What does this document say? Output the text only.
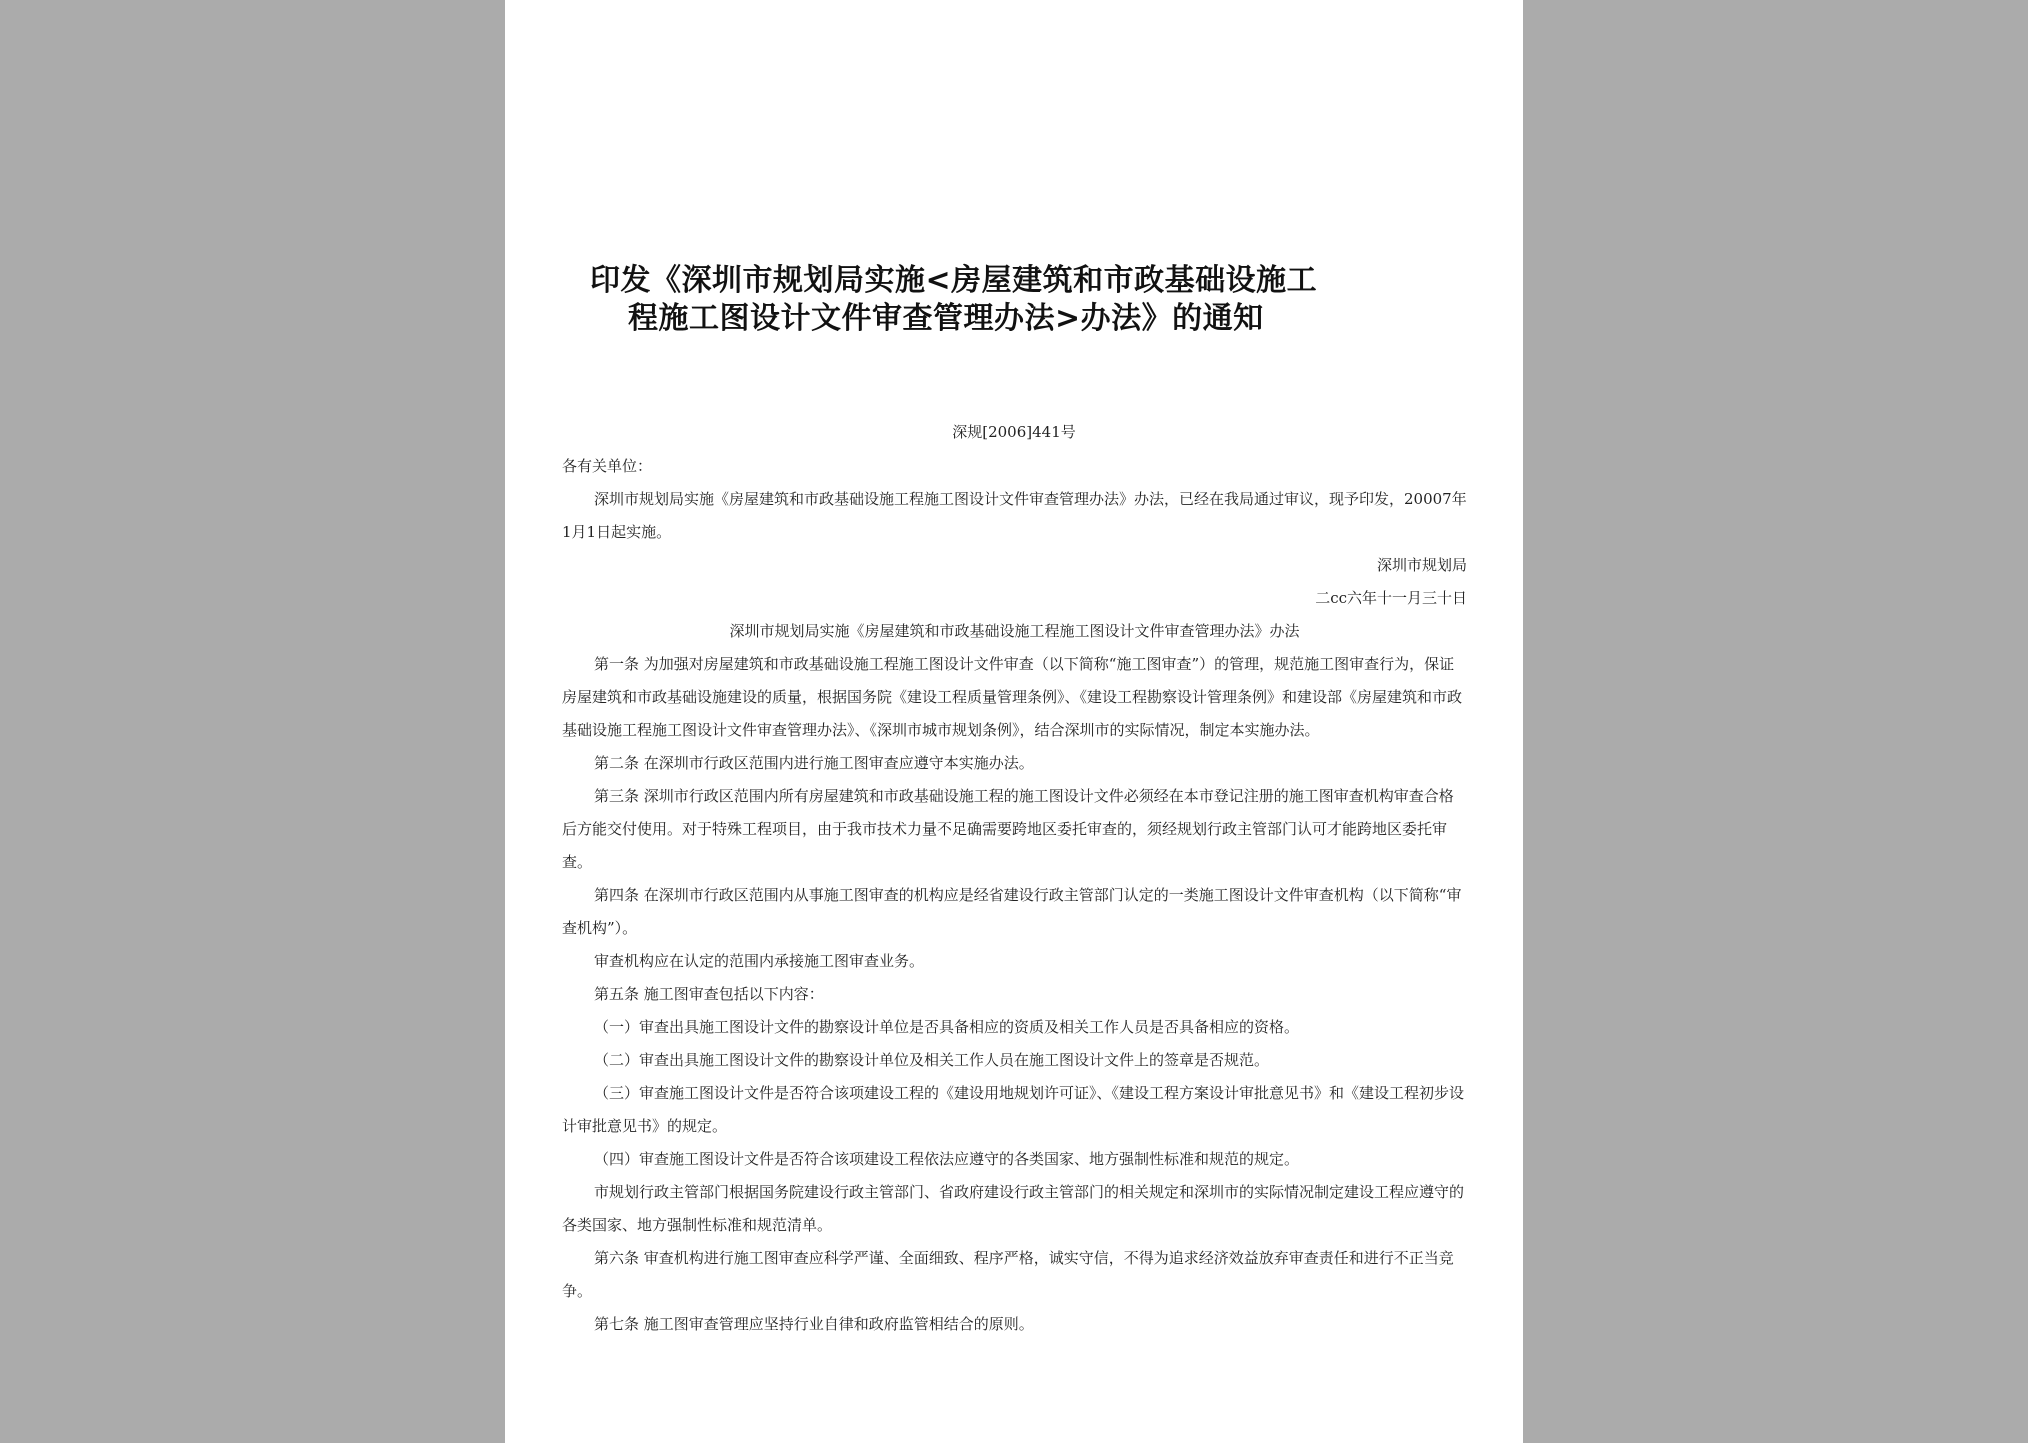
印发《深圳市规划局实施<房屋建筑和市政基础设施工
程施工图设计文件审查管理办法>办法》的通知
深规[2006]441号

各有关单位：

深圳市规划局实施《房屋建筑和市政基础设施工程施工图设计文件审查管理办法》办法，已经在我局通过审议，现予印发，20007年1月1日起实施。

深圳市规划局

二cc六年十一月三十日

深圳市规划局实施《房屋建筑和市政基础设施工程施工图设计文件审查管理办法》办法

第一条 为加强对房屋建筑和市政基础设施工程施工图设计文件审查（以下简称“施工图审查”）的管理，规范施工图审查行为，保证房屋建筑和市政基础设施建设的质量，根据国务院《建设工程质量管理条例》、《建设工程勘察设计管理条例》和建设部《房屋建筑和市政基础设施工程施工图设计文件审查管理办法》、《深圳市城市规划条例》，结合深圳市的实际情况，制定本实施办法。

第二条 在深圳市行政区范围内进行施工图审查应遵守本实施办法。

第三条 深圳市行政区范围内所有房屋建筑和市政基础设施工程的施工图设计文件必须经在本市登记注册的施工图审查机构审查合格后方能交付使用。对于特殊工程项目，由于我市技术力量不足确需要跨地区委托审查的，须经规划行政主管部门认可才能跨地区委托审查。

第四条 在深圳市行政区范围内从事施工图审查的机构应是经省建设行政主管部门认定的一类施工图设计文件审查机构（以下简称“审查机构”）。

审查机构应在认定的范围内承接施工图审查业务。

第五条 施工图审查包括以下内容：

（一）审查出具施工图设计文件的勘察设计单位是否具备相应的资质及相关工作人员是否具备相应的资格。

（二）审查出具施工图设计文件的勘察设计单位及相关工作人员在施工图设计文件上的签章是否规范。

（三）审查施工图设计文件是否符合该项建设工程的《建设用地规划许可证》、《建设工程方案设计审批意见书》和《建设工程初步设计审批意见书》的规定。

（四）审查施工图设计文件是否符合该项建设工程依法应遵守的各类国家、地方强制性标准和规范的规定。

市规划行政主管部门根据国务院建设行政主管部门、省政府建设行政主管部门的相关规定和深圳市的实际情况制定建设工程应遵守的各类国家、地方强制性标准和规范清单。

第六条 审查机构进行施工图审查应科学严谨、全面细致、程序严格，诚实守信，不得为追求经济效益放弃审查责任和进行不正当竞争。

第七条 施工图审查管理应坚持行业自律和政府监管相结合的原则。
